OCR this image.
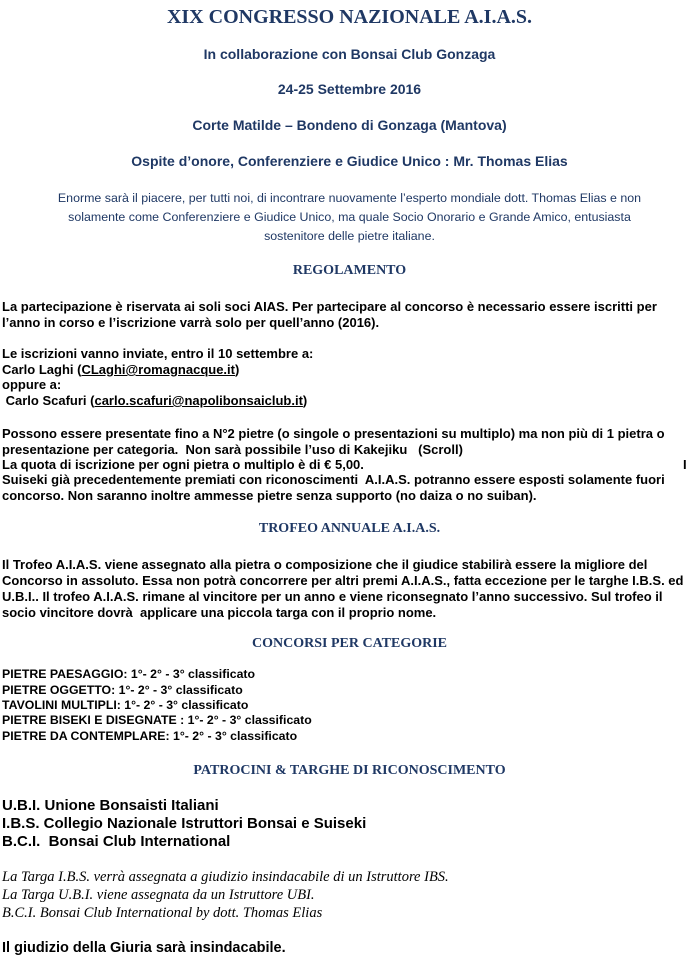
XIX CONGRESSO NAZIONALE A.I.A.S.
In collaborazione con Bonsai Club Gonzaga
24-25 Settembre 2016
Corte Matilde – Bondeno di Gonzaga (Mantova)
Ospite d’onore, Conferenziere e Giudice Unico : Mr. Thomas Elias
Enorme sarà il piacere, per tutti noi, di incontrare nuovamente l’esperto mondiale dott. Thomas Elias e non
solamente come Conferenziere e Giudice Unico, ma quale Socio Onorario e Grande Amico, entusiasta
sostenitore delle pietre italiane.
REGOLAMENTO
La partecipazione è riservata ai soli soci AIAS. Per partecipare al concorso è necessario essere iscritti per
l’anno in corso e l’iscrizione varrà solo per quell’anno (2016).
Le iscrizioni vanno inviate, entro il 10 settembre a:
Carlo Laghi (CLaghi@romagnacque.it)
oppure a:
Carlo Scafuri (carlo.scafuri@napolibonsaiclub.it)
Possono essere presentate fino a N°2 pietre (o singole o presentazioni su multiplo) ma non più di 1 pietra o
presentazione per categoria.  Non sarà possibile l’uso di Kakejiku   (Scroll)
La quota di iscrizione per ogni pietra o multiplo è di € 5,00.	I
Suiseki già precedentemente premiati con riconoscimenti  A.I.A.S. potranno essere esposti solamente fuori
concorso. Non saranno inoltre ammesse pietre senza supporto (no daiza o no suiban).
TROFEO ANNUALE A.I.A.S.
Il Trofeo A.I.A.S. viene assegnato alla pietra o composizione che il giudice stabilirà essere la migliore del
Concorso in assoluto. Essa non potrà concorrere per altri premi A.I.A.S., fatta eccezione per le targhe I.B.S. ed
U.B.I.. Il trofeo A.I.A.S. rimane al vincitore per un anno e viene riconsegnato l’anno successivo. Sul trofeo il
socio vincitore dovrà  applicare una piccola targa con il proprio nome.
CONCORSI PER CATEGORIE
PIETRE PAESAGGIO: 1°- 2° - 3° classificato
PIETRE OGGETTO: 1°- 2° - 3° classificato
TAVOLINI MULTIPLI: 1°- 2° - 3° classificato
PIETRE BISEKI E DISEGNATE : 1°- 2° - 3° classificato
PIETRE DA CONTEMPLARE: 1°- 2° - 3° classificato
PATROCINI & TARGHE DI RICONOSCIMENTO
U.B.I. Unione Bonsaisti Italiani
I.B.S. Collegio Nazionale Istruttori Bonsai e Suiseki
B.C.I.  Bonsai Club International
La Targa I.B.S. verrà assegnata a giudizio insindacabile di un Istruttore IBS.
La Targa U.B.I. viene assegnata da un Istruttore UBI.
B.C.I. Bonsai Club International by dott. Thomas Elias
Il giudizio della Giuria sarà insindacabile.
